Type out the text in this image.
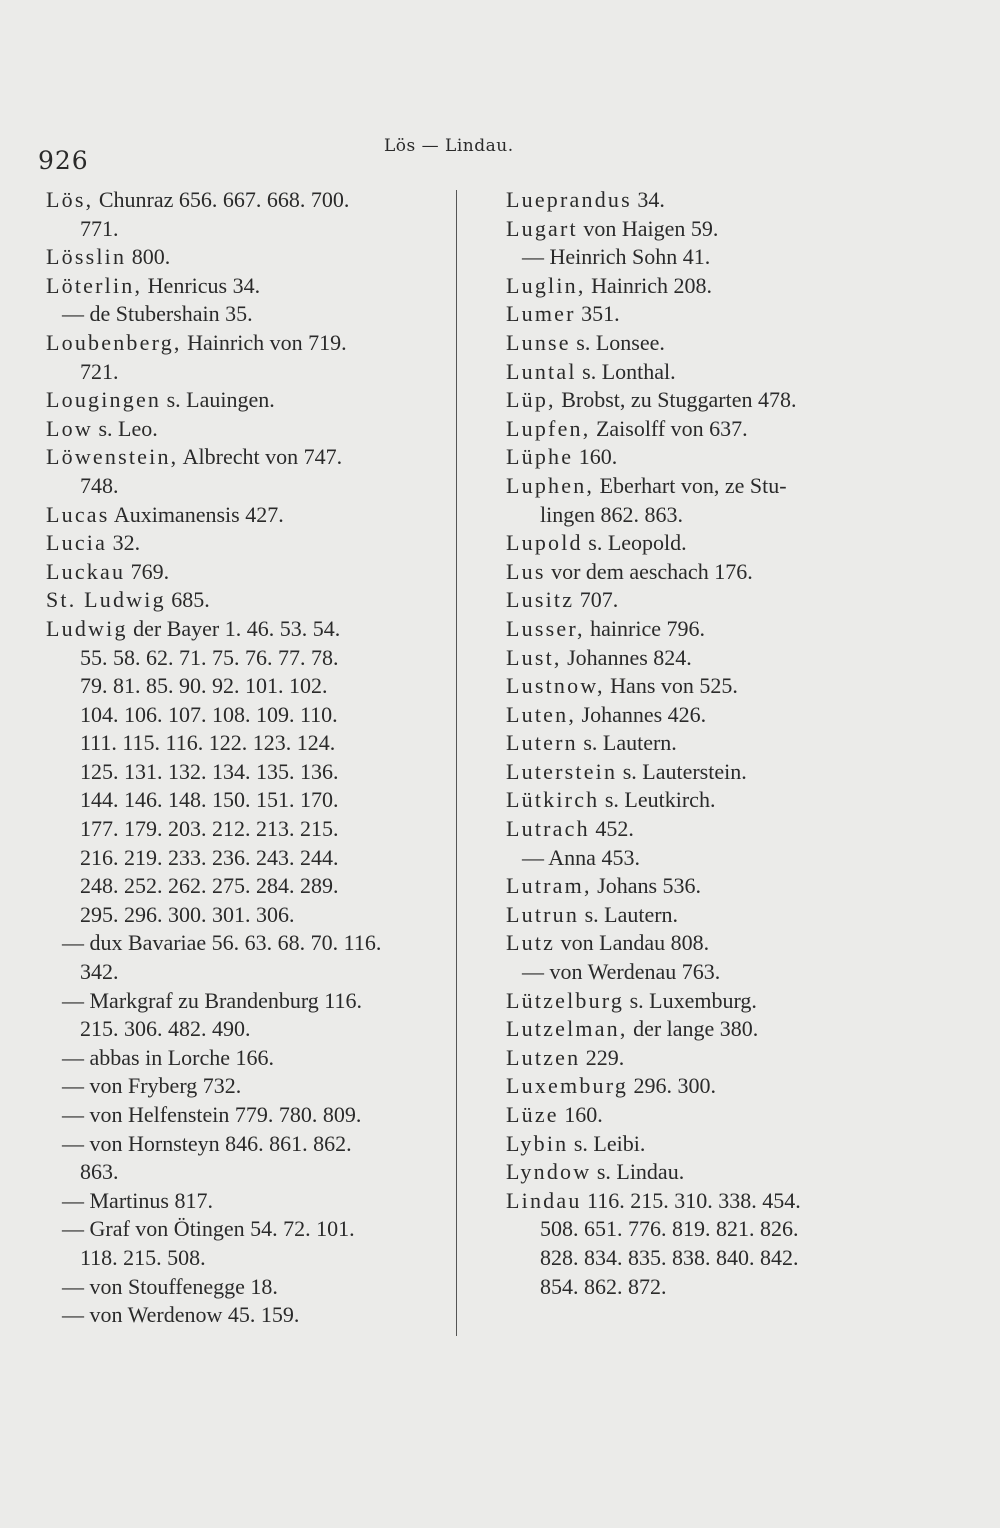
926	Lös — Lindau.

Lös, Chunraz 656. 667. 668. 700.

771.

Lösslin 800.

Löterlin, Henricus 34.

— de Stubershain 35.

Loubenberg, Hainrich von 719.

721.

Lougingen s. Lauingen.

Low s. Leo.

Löwenstein, Albrecht von 747.

748.

Lucas Auximanensis 427.

Lucia 32.

Luckau 769.

St. Ludwig 685.

Ludwig der Bayer 1. 46. 53. 54.

55. 58. 62. 71. 75. 76. 77. 78.

79. 81. 85. 90. 92. 101. 102.

104. 106. 107. 108. 109. 110.

111. 115. 116. 122. 123. 124.

125. 131. 132. 134. 135. 136.

144. 146. 148. 150. 151. 170.

177. 179. 203. 212. 213. 215.

216. 219. 233. 236. 243. 244.

248. 252. 262. 275. 284. 289.

295. 296. 300. 301. 306.

— dux Bavariae 56. 63. 68. 70. 116.

342.

— Markgraf zu Brandenburg 116.

215. 306. 482. 490.

— abbas in Lorche 166.

— von Fryberg 732.

— von Helfenstein 779. 780. 809.

— von Hornsteyn 846. 861. 862.

863.

— Martinus 817.

— Graf von Ötingen 54. 72. 101.

118. 215. 508.

— von Stouffenegge 18.

— von Werdenow 45. 159.

Lueprandus 34.

Lugart von Haigen 59.

— Heinrich Sohn 41.

Luglin, Hainrich 208.

Lumer 351.

Lunse s. Lonsee.

Luntal s. Lonthal.

Lüp, Brobst, zu Stuggarten 478.

Lupfen, Zaisolff von 637.

Lüphe 160.

Luphen, Eberhart von, ze Stu-

lingen 862. 863.

Lupold s. Leopold.

Lus vor dem aeschach 176.

Lusitz 707.

Lusser, hainrice 796.

Lust, Johannes 824.

Lustnow, Hans von 525.

Luten, Johannes 426.

Lutern s. Lautern.

Luterstein s. Lauterstein.

Lütkirch s. Leutkirch.

Lutrach 452.

— Anna 453.

Lutram, Johans 536.

Lutrun s. Lautern.

Lutz von Landau 808.

— von Werdenau 763.

Lützelburg s. Luxemburg.

Lutzelman, der lange 380.

Lutzen 229.

Luxemburg 296. 300.

Lüze 160.

Lybin s. Leibi.

Lyndow s. Lindau.

Lindau 116. 215. 310. 338. 454.

508. 651. 776. 819. 821. 826.

828. 834. 835. 838. 840. 842.

854. 862. 872.
